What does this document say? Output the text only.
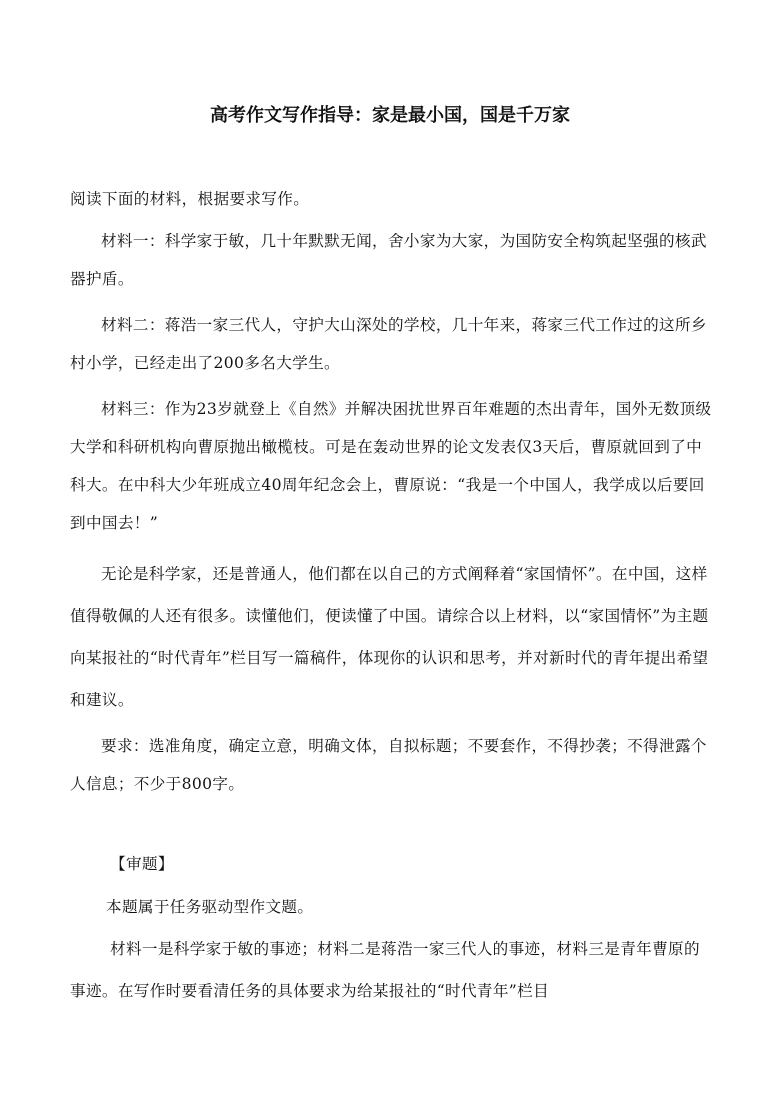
高考作文写作指导：家是最小国，国是千万家

阅读下面的材料，根据要求写作。

材料一：科学家于敏，几十年默默无闻，舍小家为大家，为国防安全构筑起坚强的核武器护盾。

材料二：蒋浩一家三代人，守护大山深处的学校，几十年来，蒋家三代工作过的这所乡村小学，已经走出了200多名大学生。

材料三：作为23岁就登上《自然》并解决困扰世界百年难题的杰出青年，国外无数顶级大学和科研机构向曹原抛出橄榄枝。可是在轰动世界的论文发表仅3天后，曹原就回到了中科大。在中科大少年班成立40周年纪念会上，曹原说：“我是一个中国人，我学成以后要回到中国去！”

无论是科学家，还是普通人，他们都在以自己的方式阐释着“家国情怀”。在中国，这样值得敬佩的人还有很多。读懂他们，便读懂了中国。请综合以上材料，以“家国情怀”为主题向某报社的“时代青年”栏目写一篇稿件，体现你的认识和思考，并对新时代的青年提出希望和建议。

要求：选准角度，确定立意，明确文体，自拟标题；不要套作，不得抄袭；不得泄露个人信息；不少于800字。

【审题】

本题属于任务驱动型作文题。

材料一是科学家于敏的事迹；材料二是蒋浩一家三代人的事迹，材料三是青年曹原的事迹。在写作时要看清任务的具体要求为给某报社的“时代青年”栏目
